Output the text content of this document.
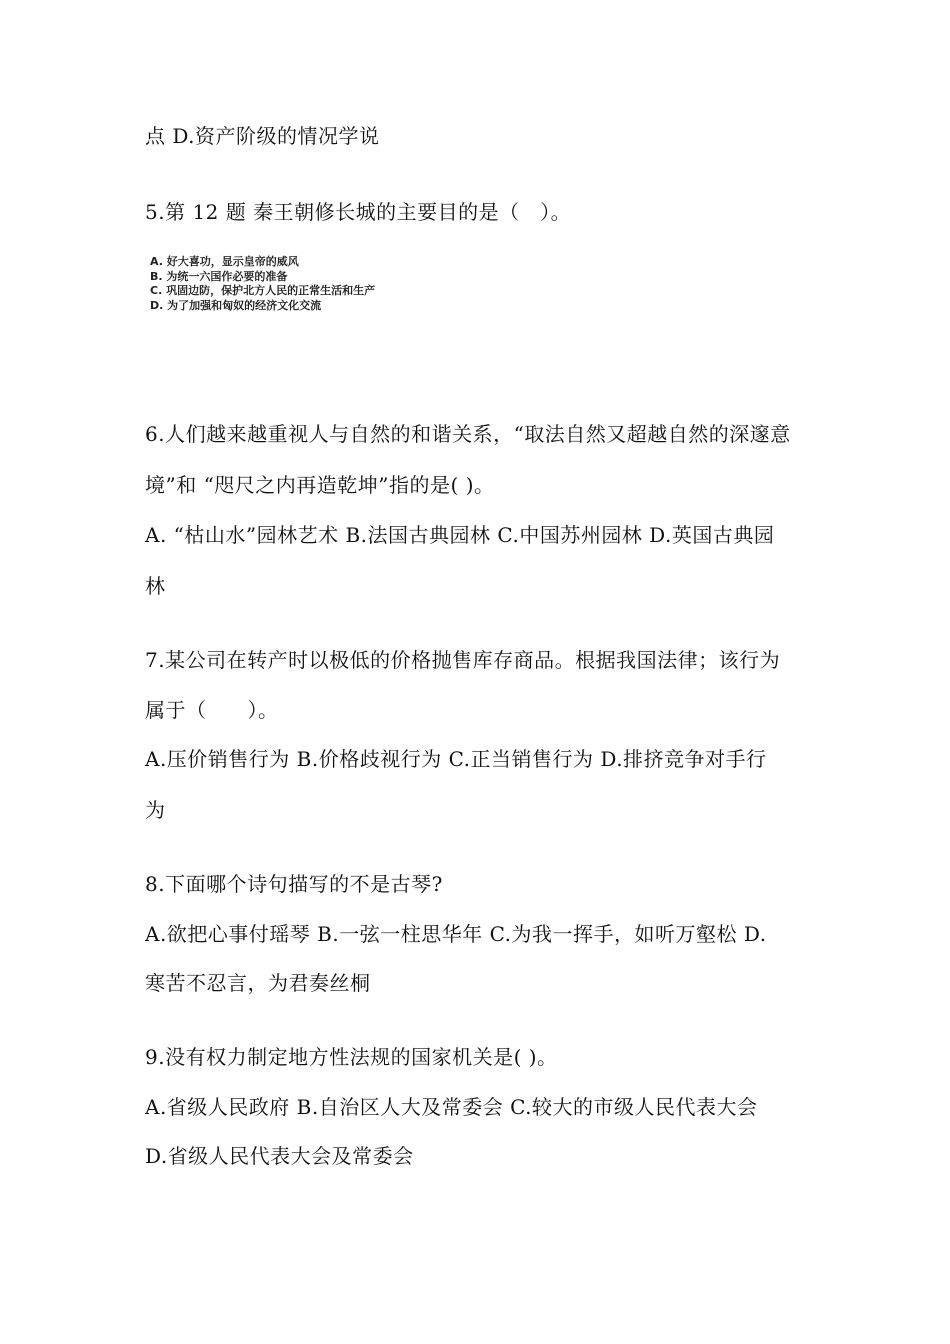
点 D.资产阶级的情况学说

5.第 12 题 秦王朝修长城的主要目的是（　）。

A. 好大喜功，显示皇帝的威风
B. 为统一六国作必要的准备
C. 巩固边防，保护北方人民的正常生活和生产
D. 为了加强和匈奴的经济文化交流

6.人们越来越重视人与自然的和谐关系，“取法自然又超越自然的深邃意

境”和 “咫尺之内再造乾坤”指的是( )。

A. “枯山水”园林艺术 B.法国古典园林 C.中国苏州园林 D.英国古典园

林

7.某公司在转产时以极低的价格抛售库存商品。根据我国法律；该行为

属于（　　）。

A.压价销售行为 B.价格歧视行为 C.正当销售行为 D.排挤竞争对手行

为

8.下面哪个诗句描写的不是古琴?

A.欲把心事付瑶琴 B.一弦一柱思华年 C.为我一挥手，如听万壑松 D.

寒苦不忍言，为君奏丝桐

9.没有权力制定地方性法规的国家机关是( )。

A.省级人民政府 B.自治区人大及常委会 C.较大的市级人民代表大会

D.省级人民代表大会及常委会
